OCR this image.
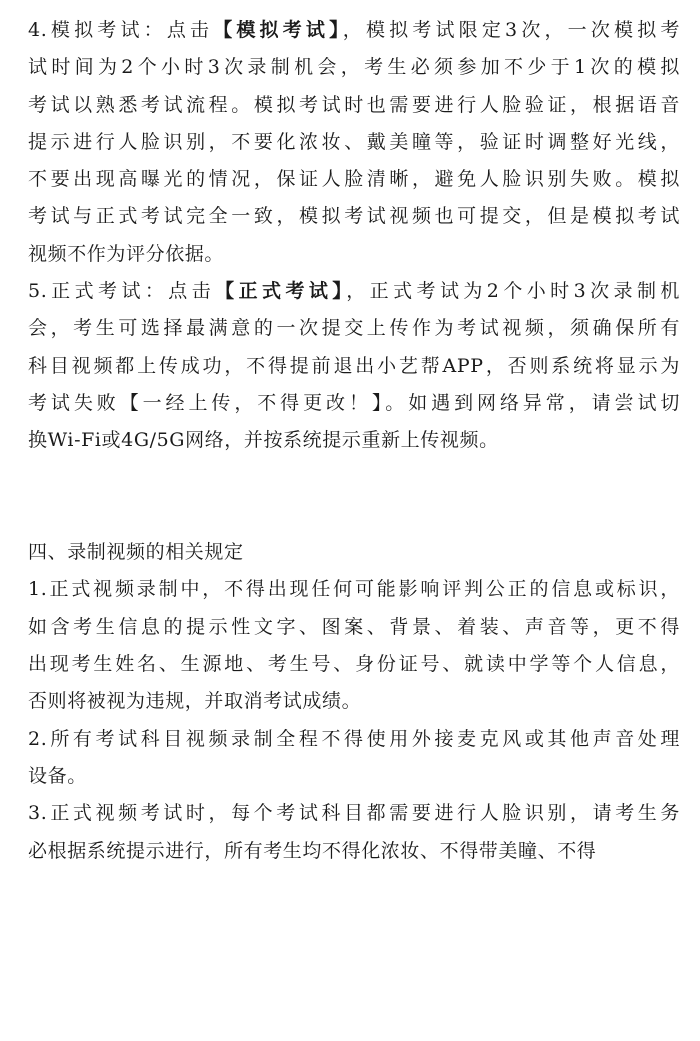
4.模拟考试：点击【模拟考试】，模拟考试限定3次，一次模拟考
试时间为2个小时3次录制机会，考生必须参加不少于1次的模拟
考试以熟悉考试流程。模拟考试时也需要进行人脸验证，根据语音
提示进行人脸识别，不要化浓妆、戴美瞳等，验证时调整好光线，
不要出现高曝光的情况，保证人脸清晰，避免人脸识别失败。模拟
考试与正式考试完全一致，模拟考试视频也可提交，但是模拟考试
视频不作为评分依据。
5.正式考试：点击【正式考试】，正式考试为2个小时3次录制机
会，考生可选择最满意的一次提交上传作为考试视频，须确保所有
科目视频都上传成功，不得提前退出小艺帮APP，否则系统将显示为
考试失败【一经上传，不得更改！】。如遇到网络异常，请尝试切
换Wi-Fi或4G/5G网络，并按系统提示重新上传视频。
四、录制视频的相关规定
1.正式视频录制中，不得出现任何可能影响评判公正的信息或标识，
如含考生信息的提示性文字、图案、背景、着装、声音等，更不得
出现考生姓名、生源地、考生号、身份证号、就读中学等个人信息，
否则将被视为违规，并取消考试成绩。
2.所有考试科目视频录制全程不得使用外接麦克风或其他声音处理
设备。
3.正式视频考试时，每个考试科目都需要进行人脸识别，请考生务
必根据系统提示进行，所有考生均不得化浓妆、不得带美瞳、不得
